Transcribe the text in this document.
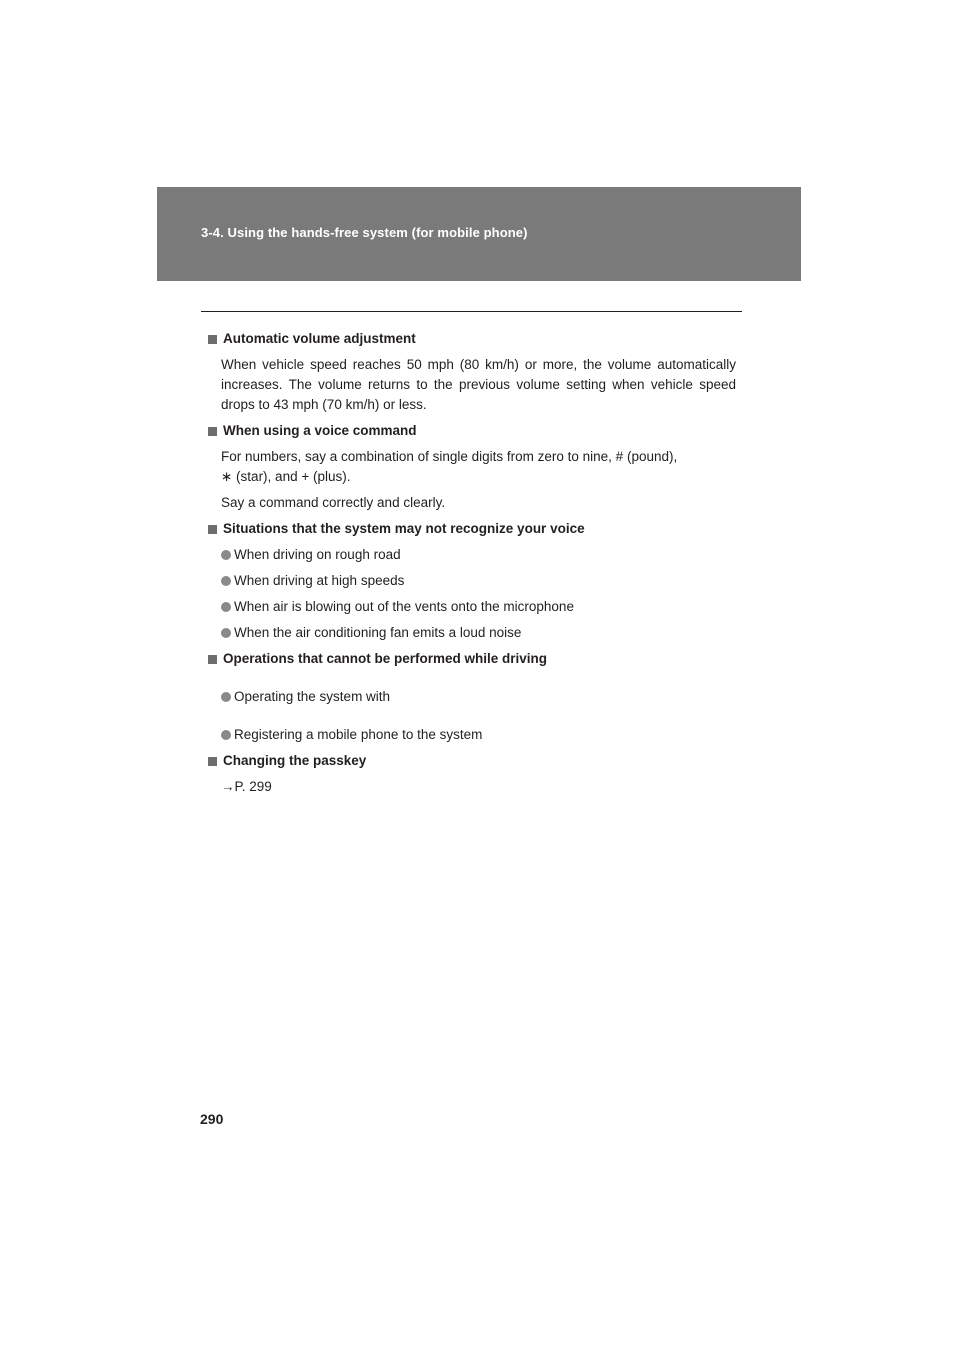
3-4. Using the hands-free system (for mobile phone)
Automatic volume adjustment
When vehicle speed reaches 50 mph (80 km/h) or more, the volume automatically increases. The volume returns to the previous volume setting when vehicle speed drops to 43 mph (70 km/h) or less.
When using a voice command
For numbers, say a combination of single digits from zero to nine, # (pound),
∗ (star), and + (plus).
Say a command correctly and clearly.
Situations that the system may not recognize your voice
When driving on rough road
When driving at high speeds
When air is blowing out of the vents onto the microphone
When the air conditioning fan emits a loud noise
Operations that cannot be performed while driving
Operating the system with
Registering a mobile phone to the system
Changing the passkey
→P. 299
290
